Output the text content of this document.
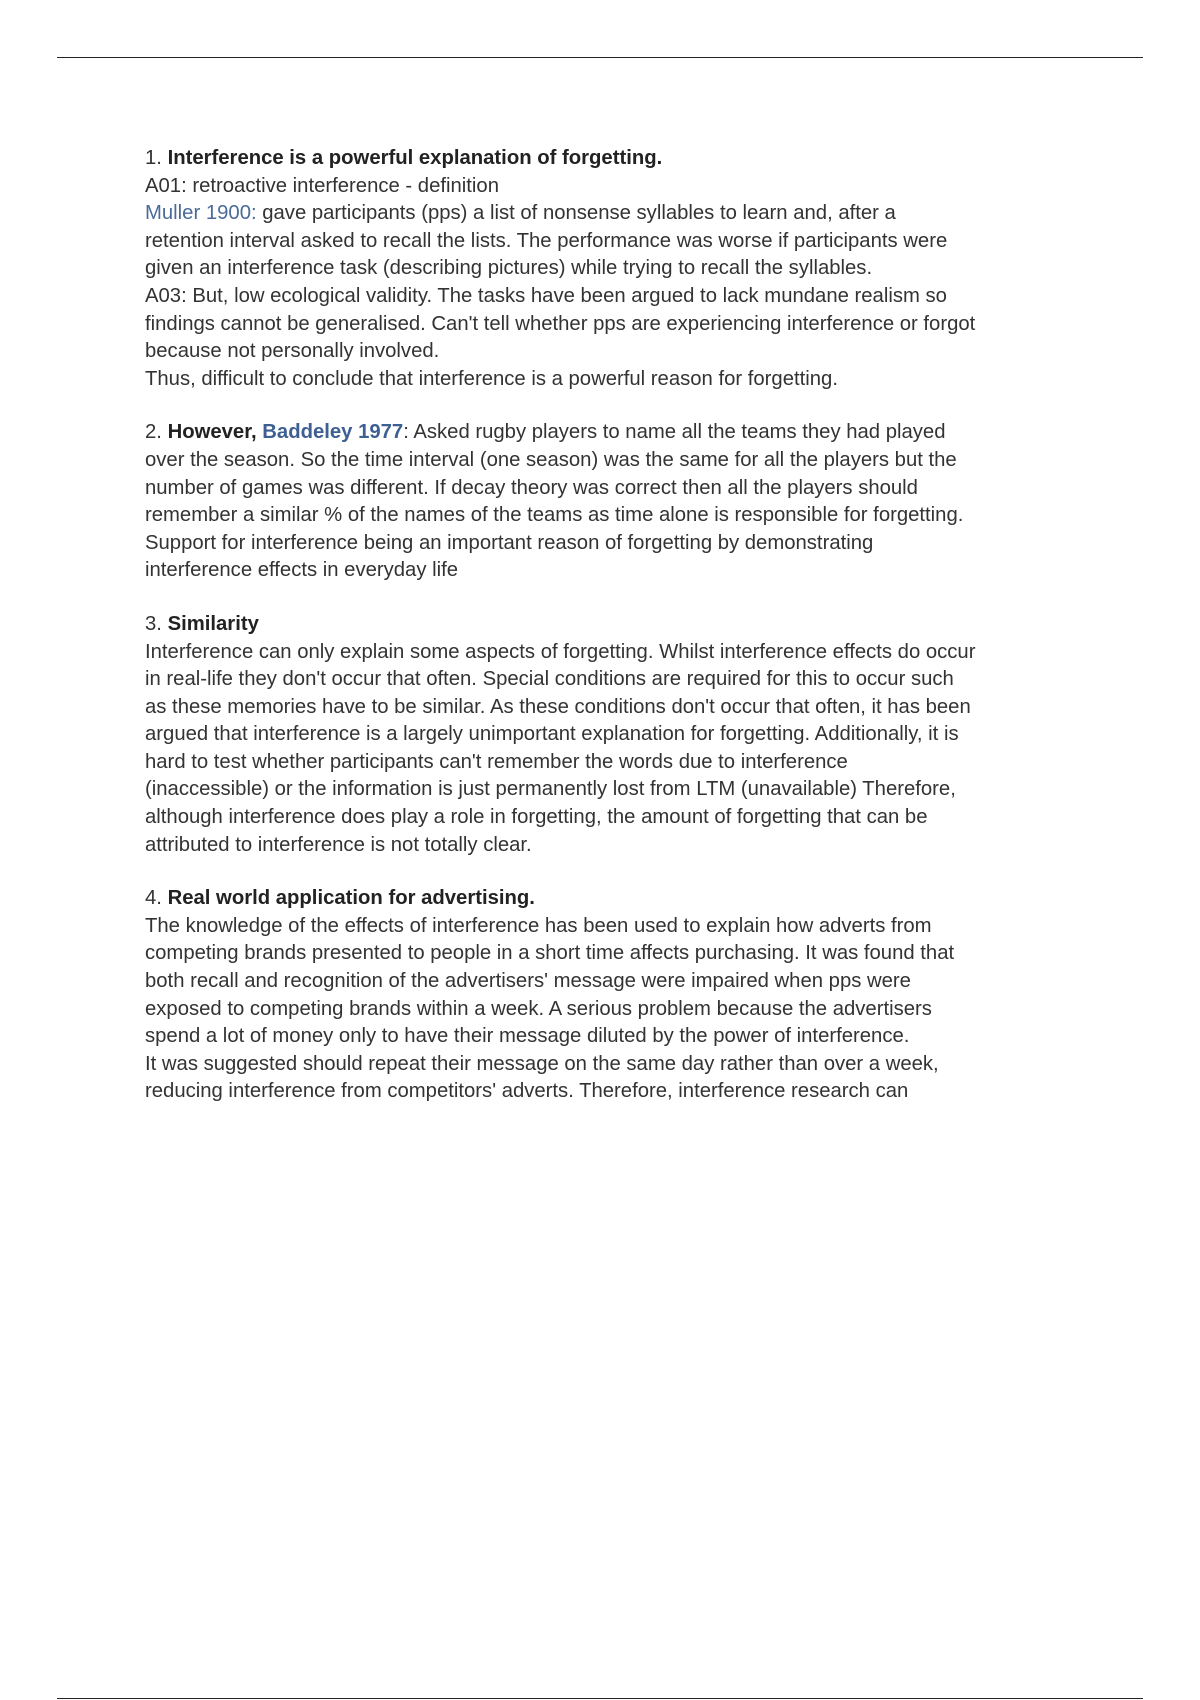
1. Interference is a powerful explanation of forgetting.
A01: retroactive interference - definition
Muller 1900: gave participants (pps) a list of nonsense syllables to learn and, after a
retention interval asked to recall the lists. The performance was worse if participants were
given an interference task (describing pictures) while trying to recall the syllables.
A03: But, low ecological validity. The tasks have been argued to lack mundane realism so
findings cannot be generalised. Can't tell whether pps are experiencing interference or forgot
because not personally involved.
Thus, difficult to conclude that interference is a powerful reason for forgetting.
2. However, Baddeley 1977: Asked rugby players to name all the teams they had played
over the season. So the time interval (one season) was the same for all the players but the
number of games was different. If decay theory was correct then all the players should
remember a similar % of the names of the teams as time alone is responsible for forgetting.
Support for interference being an important reason of forgetting by demonstrating
interference effects in everyday life
3. Similarity
Interference can only explain some aspects of forgetting. Whilst interference effects do occur
in real-life they don't occur that often. Special conditions are required for this to occur such
as these memories have to be similar. As these conditions don't occur that often, it has been
argued that interference is a largely unimportant explanation for forgetting. Additionally, it is
hard to test whether participants can't remember the words due to interference
(inaccessible) or the information is just permanently lost from LTM (unavailable) Therefore,
although interference does play a role in forgetting, the amount of forgetting that can be
attributed to interference is not totally clear.
4. Real world application for advertising.
The knowledge of the effects of interference has been used to explain how adverts from
competing brands presented to people in a short time affects purchasing. It was found that
both recall and recognition of the advertisers' message were impaired when pps were
exposed to competing brands within a week. A serious problem because the advertisers
spend a lot of money only to have their message diluted by the power of interference.
It was suggested should repeat their message on the same day rather than over a week,
reducing interference from competitors' adverts. Therefore, interference research can
